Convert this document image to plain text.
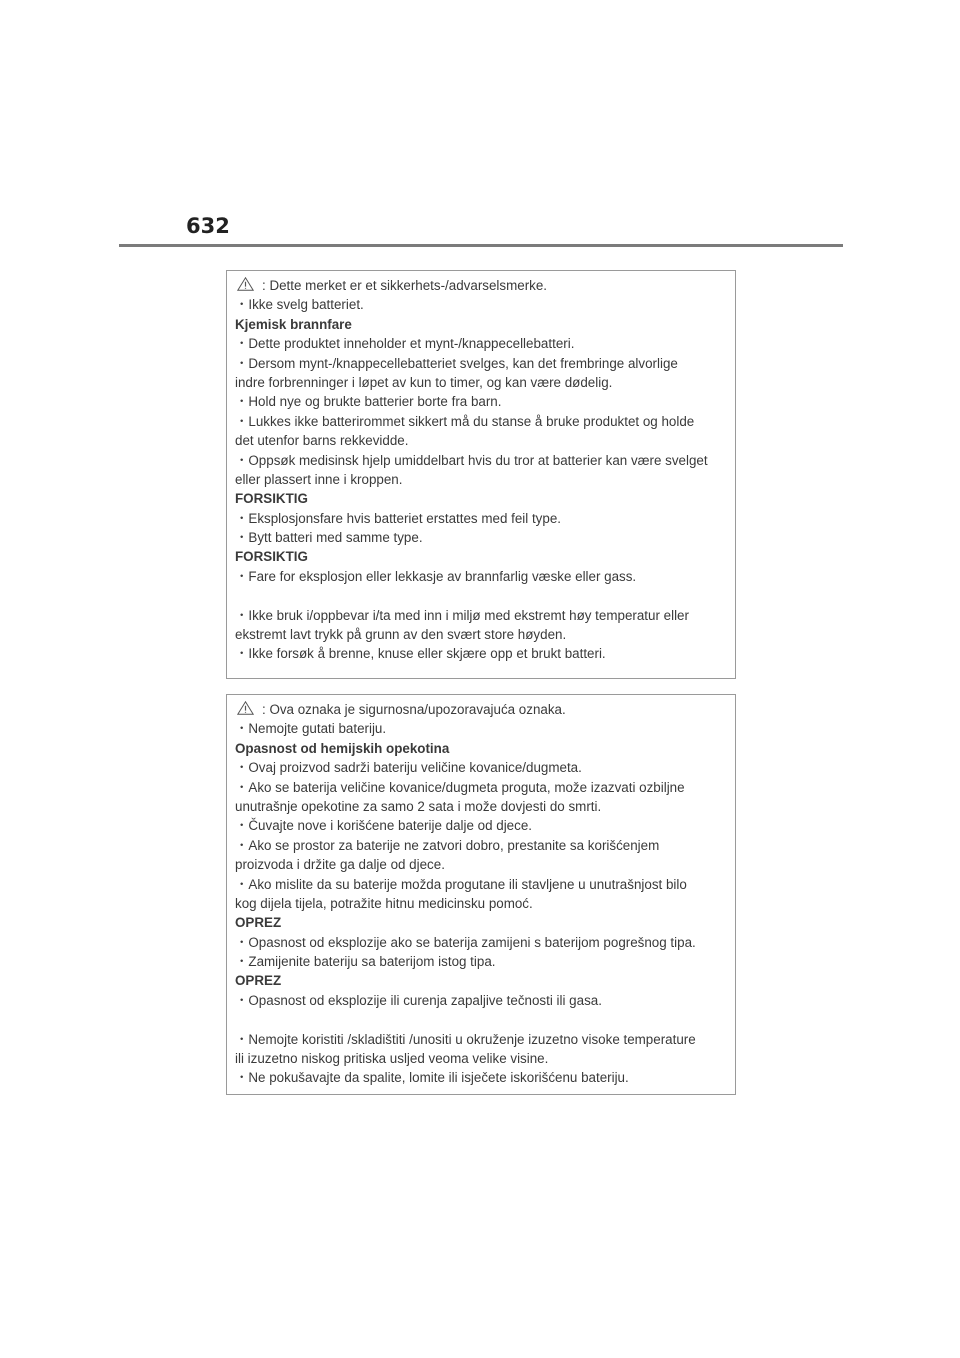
632
: Dette merket er et sikkerhets-/advarselsmerke.
・Ikke svelg batteriet.
Kjemisk brannfare
・Dette produktet inneholder et mynt-/knappecellebatteri.
・Dersom mynt-/knappecellebatteriet svelges, kan det frembringe alvorlige
indre forbrenninger i løpet av kun to timer, og kan være dødelig.
・Hold nye og brukte batterier borte fra barn.
・Lukkes ikke batterirommet sikkert må du stanse å bruke produktet og holde
det utenfor barns rekkevidde.
・Oppsøk medisinsk hjelp umiddelbart hvis du tror at batterier kan være svelget
eller plassert inne i kroppen.
FORSIKTIG
・Eksplosjonsfare hvis batteriet erstattes med feil type.
・Bytt batteri med samme type.
FORSIKTIG
・Fare for eksplosjon eller lekkasje av brannfarlig væske eller gass.
・Ikke bruk i/oppbevar i/ta med inn i miljø med ekstremt høy temperatur eller
ekstremt lavt trykk på grunn av den svært store høyden.
・Ikke forsøk å brenne, knuse eller skjære opp et brukt batteri.
: Ova oznaka je sigurnosna/upozoravajuća oznaka.
・Nemojte gutati bateriju.
Opasnost od hemijskih opekotina
・Ovaj proizvod sadrži bateriju veličine kovanice/dugmeta.
・Ako se baterija veličine kovanice/dugmeta proguta, može izazvati ozbiljne
unutrašnje opekotine za samo 2 sata i može dovjesti do smrti.
・Čuvajte nove i korišćene baterije dalje od djece.
・Ako se prostor za baterije ne zatvori dobro, prestanite sa korišćenjem
proizvoda i držite ga dalje od djece.
・Ako mislite da su baterije možda progutane ili stavljene u unutrašnjost bilo
kog dijela tijela, potražite hitnu medicinsku pomoć.
OPREZ
・Opasnost od eksplozije ako se baterija zamijeni s baterijom pogrešnog tipa.
・Zamijenite bateriju sa baterijom istog tipa.
OPREZ
・Opasnost od eksplozije ili curenja zapaljive tečnosti ili gasa.
・Nemojte koristiti /skladištiti /unositi u okruženje izuzetno visoke temperature
ili izuzetno niskog pritiska usljed veoma velike visine.
・Ne pokušavajte da spalite, lomite ili isječete iskorišćenu bateriju.
